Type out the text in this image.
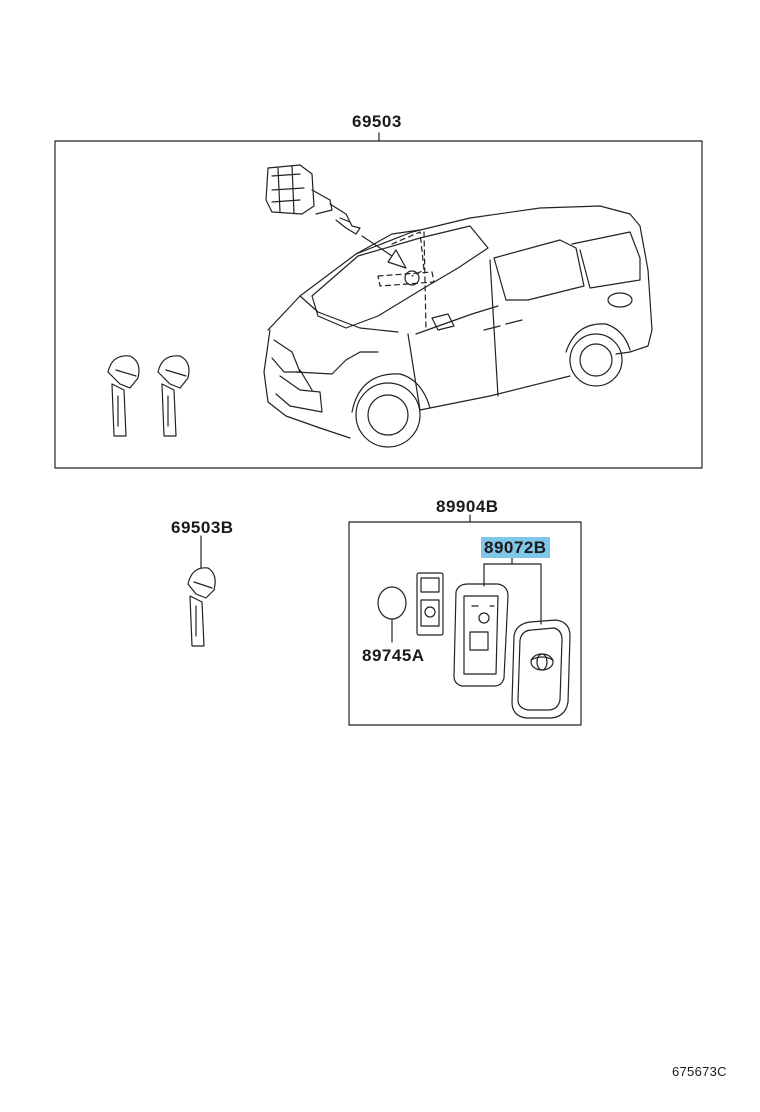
69503
69503B
89904B
89072B
89745A
675673C
